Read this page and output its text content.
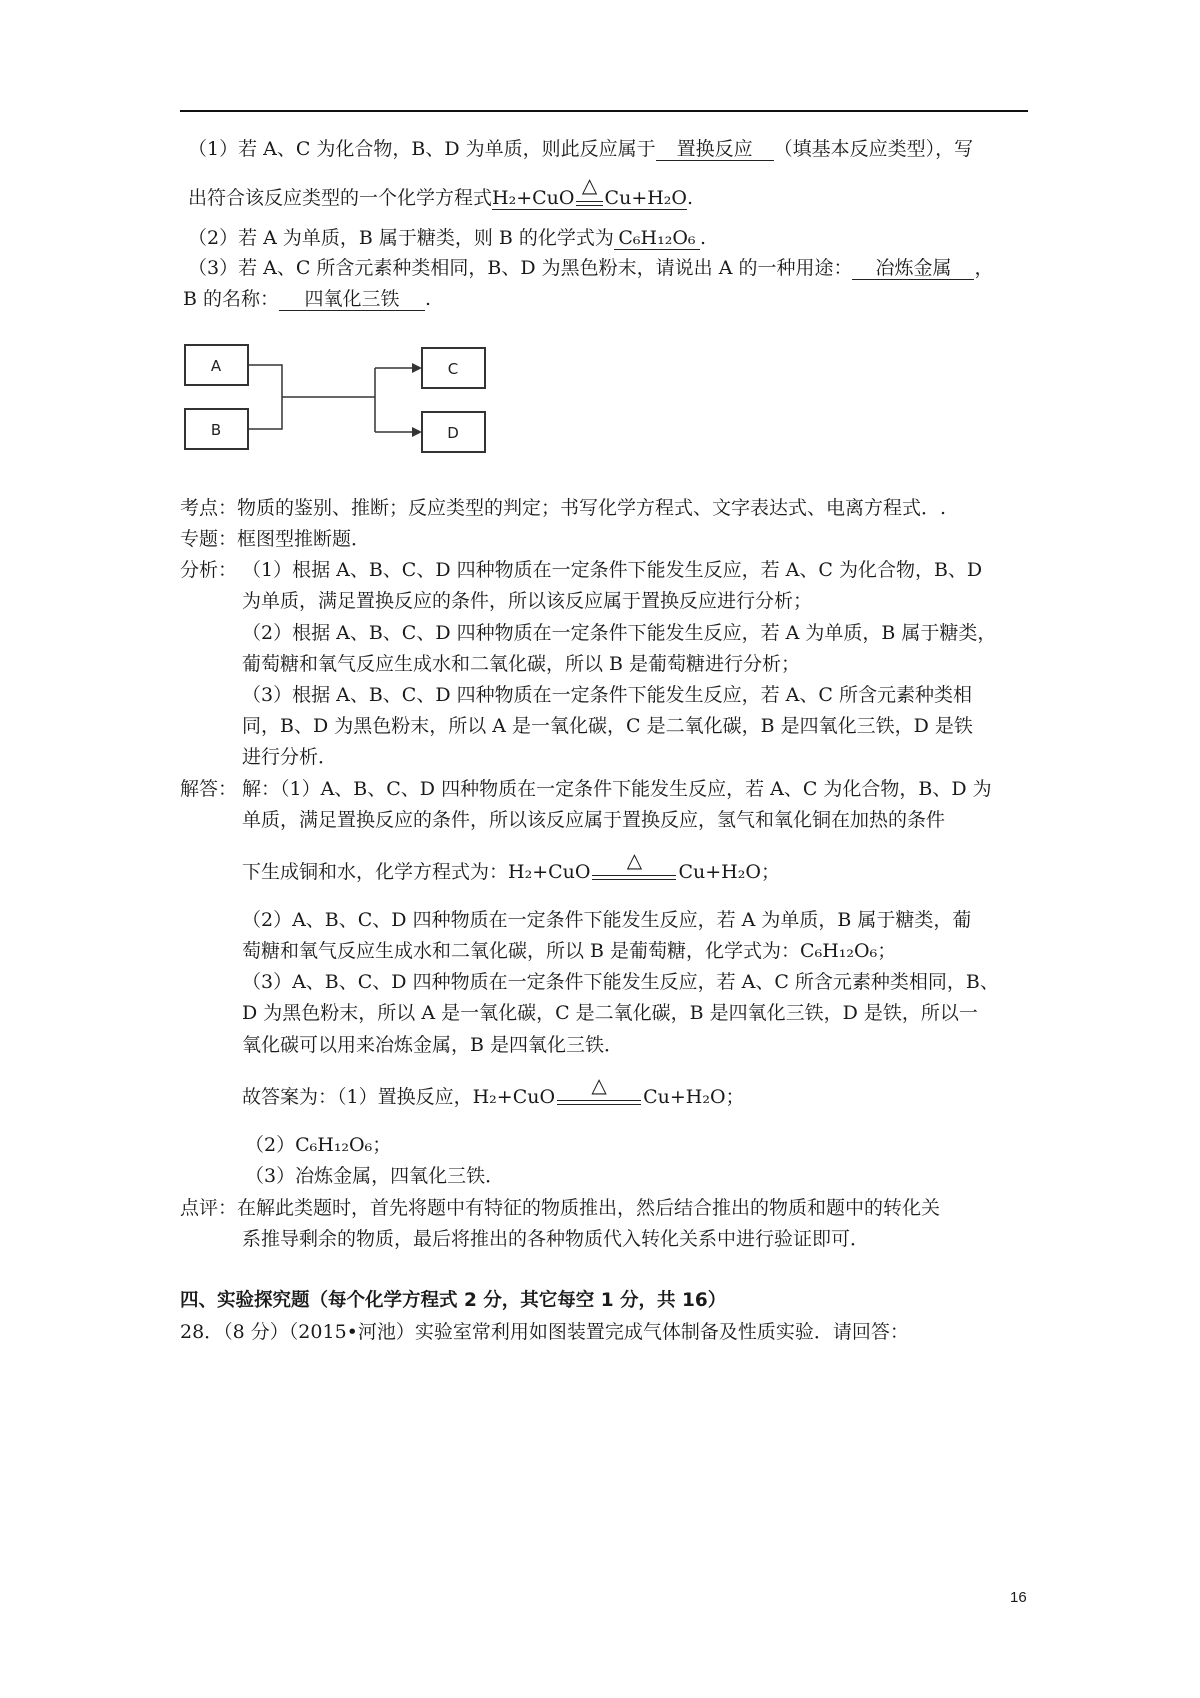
（1）若 A、C 为化合物，B、D 为单质，则此反应属于 置换反应 （填基本反应类型），写
出符合该反应类型的一个化学方程式 H₂+CuO
△
Cu+H₂O .
（2）若 A 为单质，B 属于糖类，则 B 的化学式为 C₆H₁₂O₆ .
（3）若 A、C 所含元素种类相同，B、D 为黑色粉末，请说出 A 的一种用途： 冶炼金属 ，
B 的名称： 四氧化三铁 .
A
B
C
D
考点：物质的鉴别、推断；反应类型的判定；书写化学方程式、文字表达式、电离方程式．.
专题：框图型推断题．
分析： （1）根据 A、B、C、D 四种物质在一定条件下能发生反应，若 A、C 为化合物，B、D
为单质，满足置换反应的条件，所以该反应属于置换反应进行分析；
（2）根据 A、B、C、D 四种物质在一定条件下能发生反应，若 A 为单质，B 属于糖类，
葡萄糖和氧气反应生成水和二氧化碳，所以 B 是葡萄糖进行分析；
（3）根据 A、B、C、D 四种物质在一定条件下能发生反应，若 A、C 所含元素种类相
同，B、D 为黑色粉末，所以 A 是一氧化碳，C 是二氧化碳，B 是四氧化三铁，D 是铁
进行分析．
解答： 解：（1）A、B、C、D 四种物质在一定条件下能发生反应，若 A、C 为化合物，B、D 为
单质，满足置换反应的条件，所以该反应属于置换反应，氢气和氧化铜在加热的条件
下生成铜和水，化学方程式为： H₂+CuO △ Cu+H₂O ；
（2）A、B、C、D 四种物质在一定条件下能发生反应，若 A 为单质，B 属于糖类，葡
萄糖和氧气反应生成水和二氧化碳，所以 B 是葡萄糖，化学式为：C₆H₁₂O₆；
（3）A、B、C、D 四种物质在一定条件下能发生反应，若 A、C 所含元素种类相同，B、
D 为黑色粉末，所以 A 是一氧化碳，C 是二氧化碳，B 是四氧化三铁，D 是铁，所以一
氧化碳可以用来冶炼金属，B 是四氧化三铁．
故答案为：（1）置换反应， H₂+CuO △ Cu+H₂O ；
（2）C₆H₁₂O₆；
（3）冶炼金属，四氧化三铁．
点评：在解此类题时，首先将题中有特征的物质推出，然后结合推出的物质和题中的转化关
系推导剩余的物质，最后将推出的各种物质代入转化关系中进行验证即可．
四、实验探究题（每个化学方程式 2 分，其它每空 1 分，共 16）
28．（8 分）（2015•河池）实验室常利用如图装置完成气体制备及性质实验．请回答：
16
